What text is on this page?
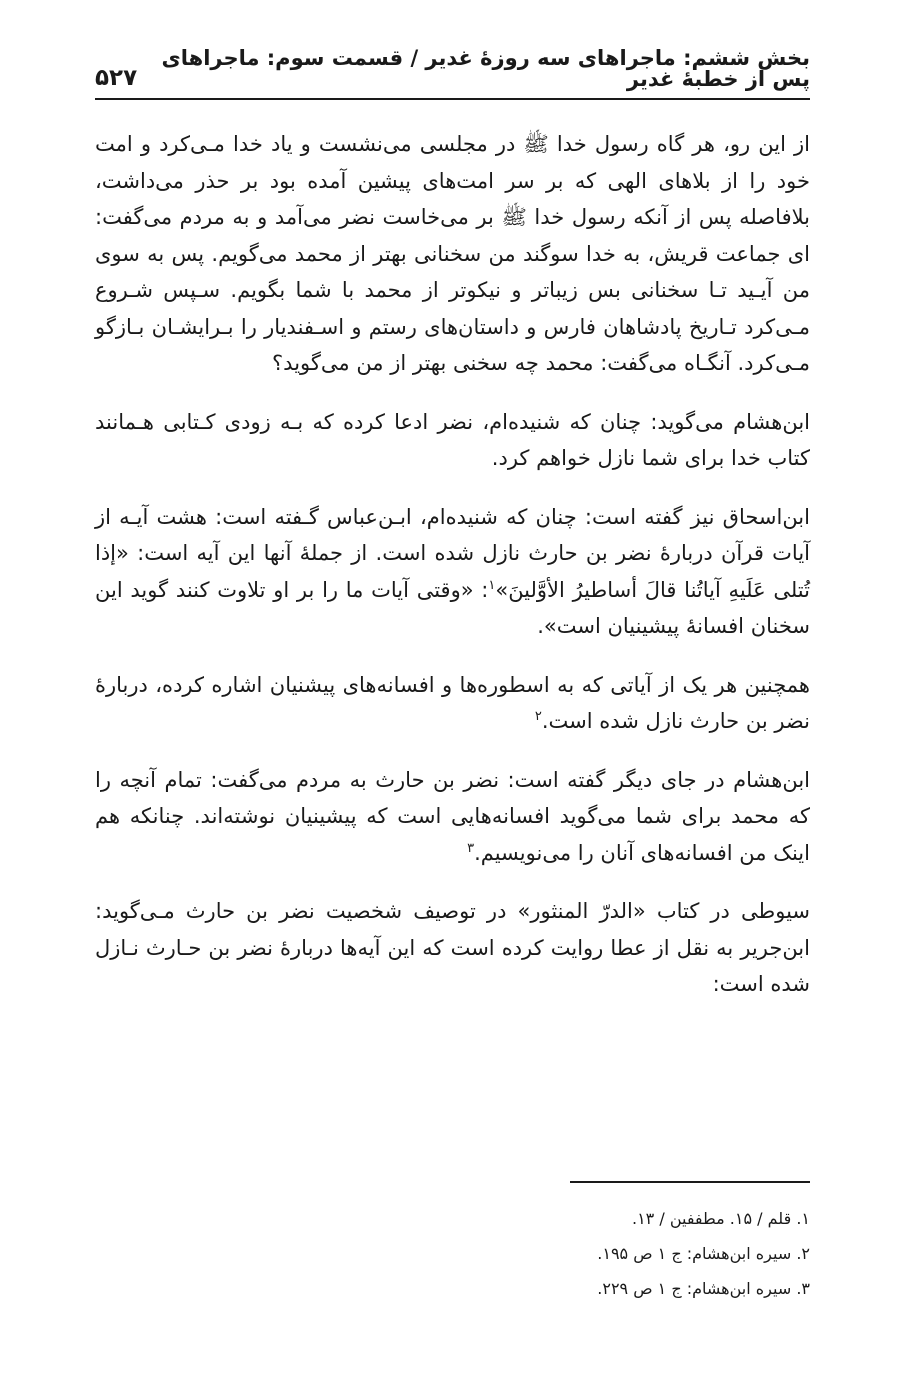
بخش ششم: ماجراهای سه روزهٔ غدیر / قسمت سوم: ماجراهای پس از خطبهٔ غدیر
۵۲۷

از این رو، هر گاه رسول خدا ﷺ در مجلسی می‌نشست و یاد خدا مـی‌کرد و امت خود را از بلاهای الهی که بر سر امت‌های پیشین آمده بود بر حذر می‌داشت، بلافاصله پس از آنکه رسول خدا ﷺ بر می‌خاست نضر می‌آمد و به مردم می‌گفت: ای جماعت قریش، به خدا سوگند من سخنانی بهتر از محمد می‌گویم. پس به سوی من آیـید تـا سخنانی بس زیباتر و نیکوتر از محمد با شما بگویم. سـپس شـروع مـی‌کرد تـاریخ پادشاهان فارس و داستان‌های رستم و اسـفندیار را بـرایشـان بـازگو مـی‌کرد. آنگـاه می‌گفت: محمد چه سخنی بهتر از من می‌گوید؟

ابن‌هشام می‌گوید: چنان که شنیده‌ام، نضر ادعا کرده که بـه زودی کـتابی هـمانند کتاب خدا برای شما نازل خواهم کرد.

ابن‌اسحاق نیز گفته است: چنان که شنیده‌ام، ابـن‌عباس گـفته است: هشت آیـه از آیات قرآن دربارهٔ نضر بن حارث نازل شده است. از جملهٔ آنها این آیه است: «إذا تُتلی عَلَیهِ آیاتُنا قالَ أساطیرُ الأوَّلینَ»$^۱$: «وقتی آیات ما را بر او تلاوت کنند گوید این سخنان افسانهٔ پیشینیان است».

همچنین هر یک از آیاتی که به اسطوره‌ها و افسانه‌های پیشنیان اشاره کرده، دربارهٔ نضر بن حارث نازل شده است.$^۲$

ابن‌هشام در جای دیگر گفته است: نضر بن حارث به مردم می‌گفت: تمام آنچه را که محمد برای شما می‌گوید افسانه‌هایی است که پیشینیان نوشته‌اند. چنانکه هم اینک من افسانه‌های آنان را می‌نویسیم.$^۳$

سیوطی در کتاب «الدرّ المنثور» در توصیف شخصیت نضر بن حارث مـی‌گوید: ابن‌جریر به نقل از عطا روایت کرده است که این آیه‌ها دربارهٔ نضر بن حـارث نـازل شده است:

۱. قلم / ۱۵. مطففین / ۱۳.

۲. سیره ابن‌هشام: ج ۱ ص ۱۹۵.

۳. سیره ابن‌هشام: ج ۱ ص ۲۲۹.
